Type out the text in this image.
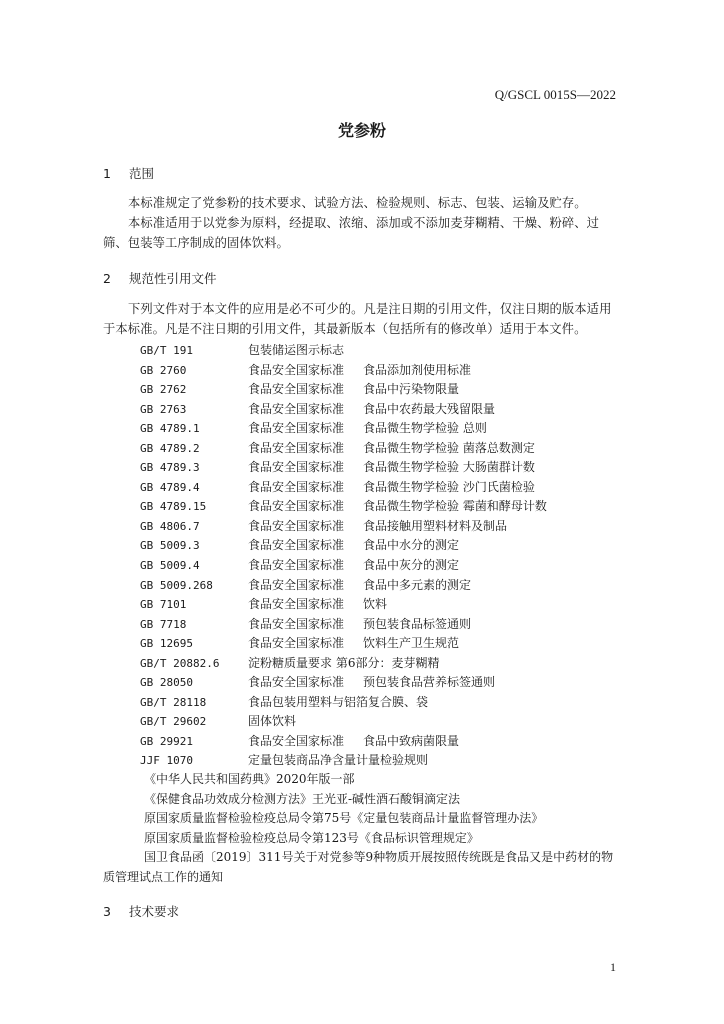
Q/GSCL 0015S—2022
党参粉
1 范围
本标准规定了党参粉的技术要求、试验方法、检验规则、标志、包装、运输及贮存。
本标准适用于以党参为原料，经提取、浓缩、添加或不添加麦芽糊精、干燥、粉碎、过筛、包装等工序制成的固体饮料。
2 规范性引用文件
下列文件对于本文件的应用是必不可少的。凡是注日期的引用文件，仅注日期的版本适用于本标准。凡是不注日期的引用文件，其最新版本（包括所有的修改单）适用于本文件。
GB/T 191	包装储运图示标志
GB 2760	食品安全国家标准 食品添加剂使用标准
GB 2762	食品安全国家标准 食品中污染物限量
GB 2763	食品安全国家标准 食品中农药最大残留限量
GB 4789.1	食品安全国家标准 食品微生物学检验 总则
GB 4789.2	食品安全国家标准 食品微生物学检验 菌落总数测定
GB 4789.3	食品安全国家标准 食品微生物学检验 大肠菌群计数
GB 4789.4	食品安全国家标准 食品微生物学检验 沙门氏菌检验
GB 4789.15	食品安全国家标准 食品微生物学检验 霉菌和酵母计数
GB 4806.7	食品安全国家标准 食品接触用塑料材料及制品
GB 5009.3	食品安全国家标准 食品中水分的测定
GB 5009.4	食品安全国家标准 食品中灰分的测定
GB 5009.268	食品安全国家标准 食品中多元素的测定
GB 7101	食品安全国家标准 饮料
GB 7718	食品安全国家标准 预包装食品标签通则
GB 12695	食品安全国家标准 饮料生产卫生规范
GB/T 20882.6 淀粉糖质量要求 第6部分：麦芽糊精
GB 28050	食品安全国家标准 预包装食品营养标签通则
GB/T 28118	食品包装用塑料与铝箔复合膜、袋
GB/T 29602	固体饮料
GB 29921	食品安全国家标准 食品中致病菌限量
JJF 1070	定量包装商品净含量计量检验规则
《中华人民共和国药典》2020年版一部
《保健食品功效成分检测方法》王光亚-碱性酒石酸铜滴定法
原国家质量监督检验检疫总局令第75号《定量包装商品计量监督管理办法》
原国家质量监督检验检疫总局令第123号《食品标识管理规定》
国卫食品函〔2019〕311号关于对党参等9种物质开展按照传统既是食品又是中药材的物质管理试点工作的通知
3 技术要求
1
